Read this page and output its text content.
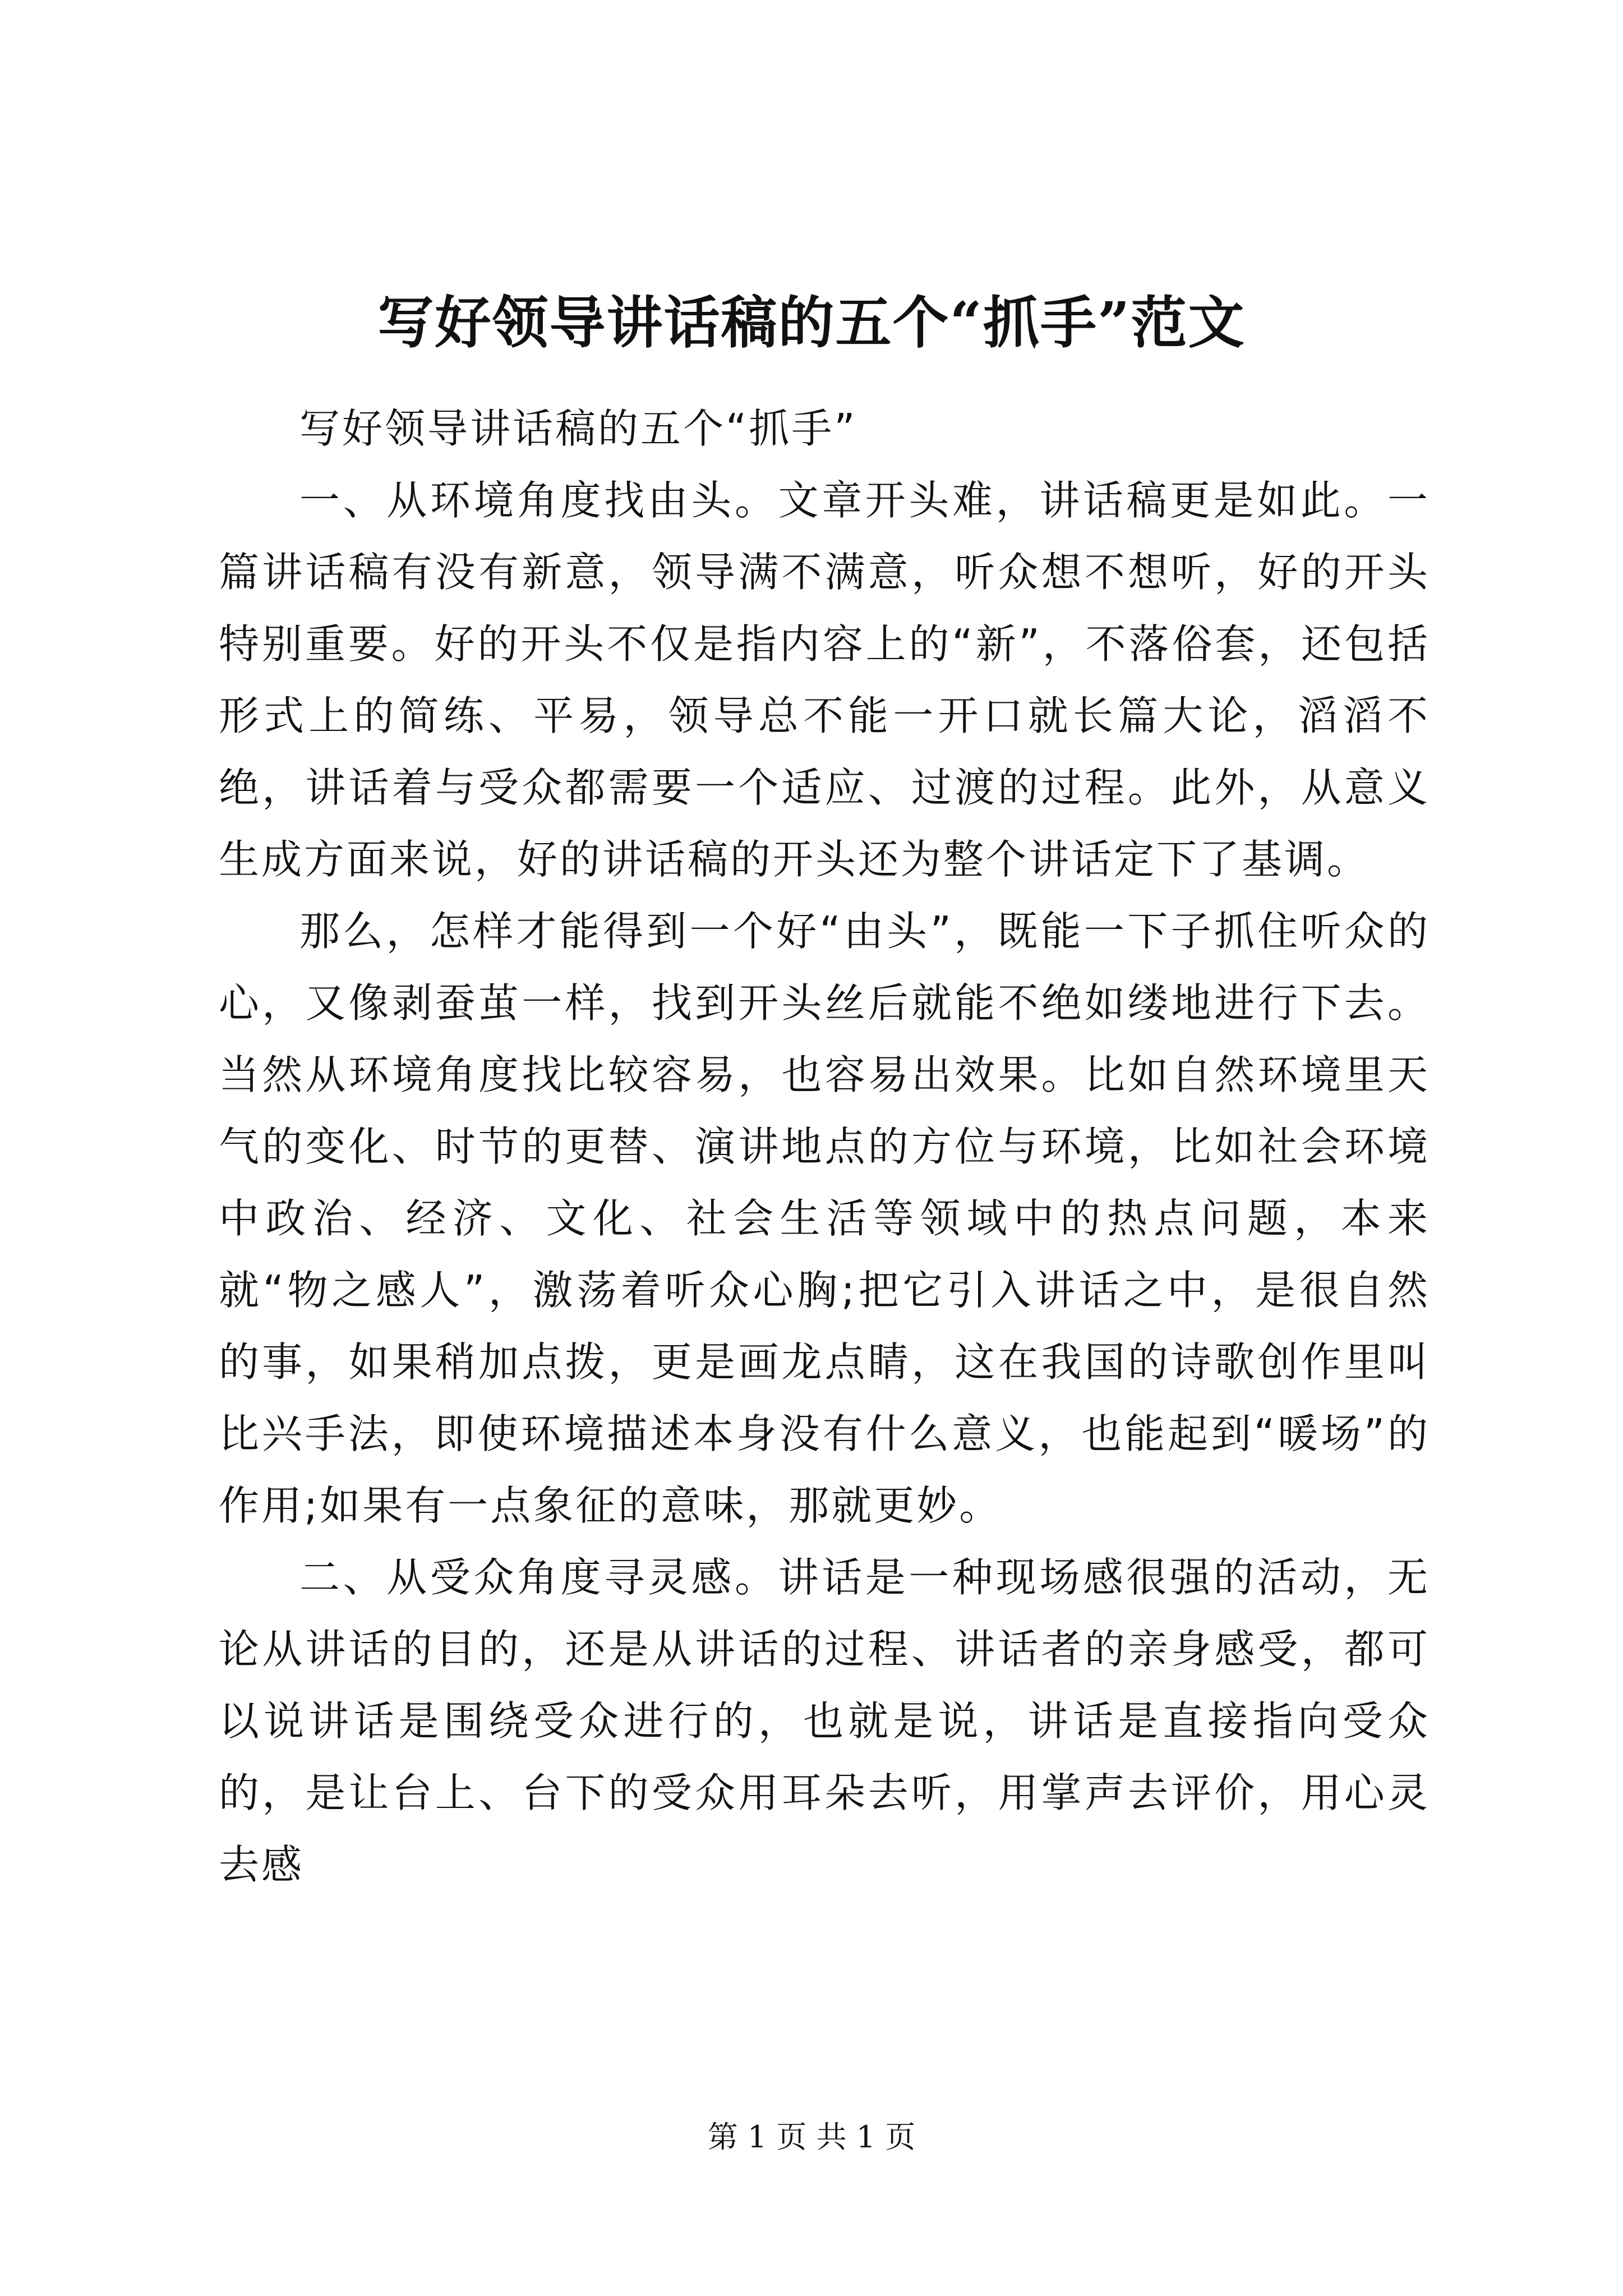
写好领导讲话稿的五个“抓手”范文

写好领导讲话稿的五个“抓手”

一、从环境角度找由头。文章开头难，讲话稿更是如此。一篇讲话稿有没有新意，领导满不满意，听众想不想听，好的开头特别重要。好的开头不仅是指内容上的“新”，不落俗套，还包括形式上的简练、平易，领导总不能一开口就长篇大论，滔滔不绝，讲话着与受众都需要一个适应、过渡的过程。此外，从意义生成方面来说，好的讲话稿的开头还为整个讲话定下了基调。

那么，怎样才能得到一个好“由头”，既能一下子抓住听众的心，又像剥蚕茧一样，找到开头丝后就能不绝如缕地进行下去。当然从环境角度找比较容易，也容易出效果。比如自然环境里天气的变化、时节的更替、演讲地点的方位与环境，比如社会环境中政治、经济、文化、社会生活等领域中的热点问题，本来就“物之感人”，激荡着听众心胸;把它引入讲话之中，是很自然的事，如果稍加点拨，更是画龙点睛，这在我国的诗歌创作里叫比兴手法，即使环境描述本身没有什么意义，也能起到“暖场”的作用;如果有一点象征的意味，那就更妙。

二、从受众角度寻灵感。讲话是一种现场感很强的活动，无论从讲话的目的，还是从讲话的过程、讲话者的亲身感受，都可以说讲话是围绕受众进行的，也就是说，讲话是直接指向受众的，是让台上、台下的受众用耳朵去听，用掌声去评价，用心灵去感

第 1 页 共 1 页
